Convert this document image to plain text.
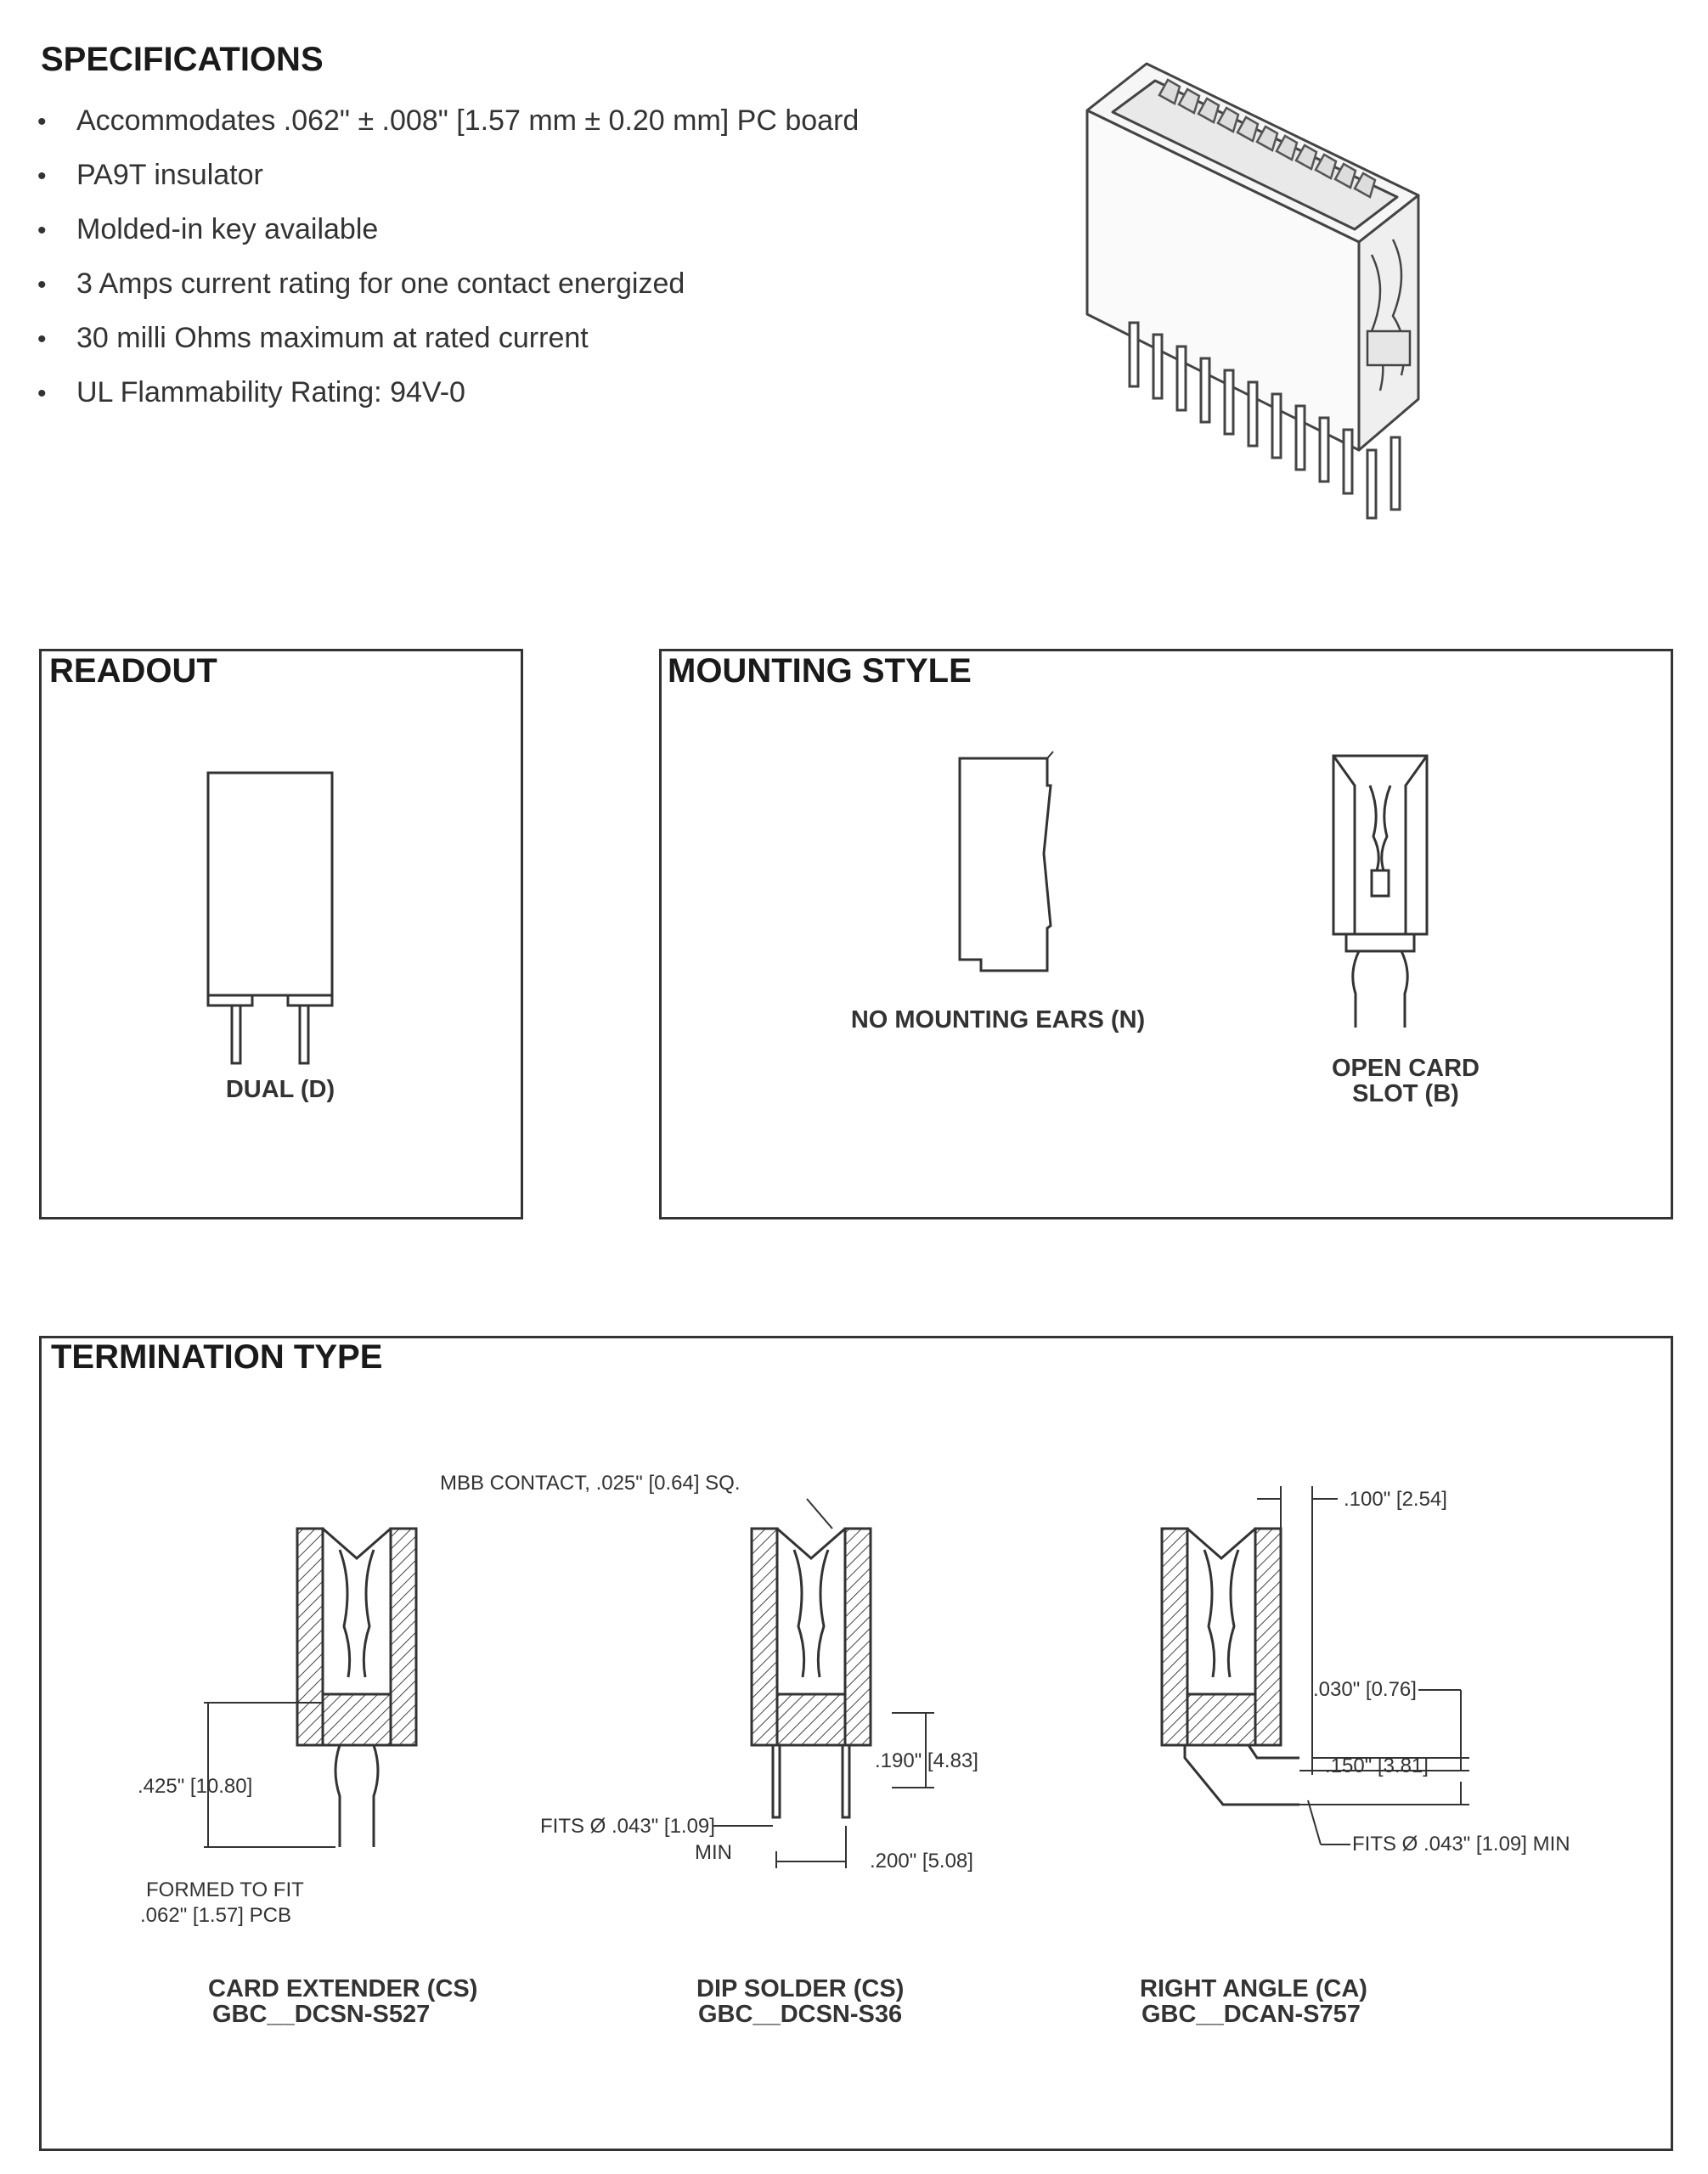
SPECIFICATIONS
• Accommodates .062" ± .008" [1.57 mm ± 0.20 mm] PC board
• PA9T insulator
• Molded-in key available
• 3 Amps current rating for one contact energized
• 30 milli Ohms maximum at rated current
• UL Flammability Rating: 94V-0
READOUT
DUAL (D)
MOUNTING STYLE
NO MOUNTING EARS (N)
OPEN CARD
SLOT (B)
TERMINATION TYPE
.425" [10.80]
FORMED TO FIT
.062" [1.57] PCB
CARD EXTENDER (CS)
GBC__DCSN-S527
MBB CONTACT, .025" [0.64] SQ.
.190" [4.83]
FITS Ø .043" [1.09]
MIN	.200" [5.08]
DIP SOLDER (CS)
GBC__DCSN-S36
.100" [2.54]
.030" [0.76]
.150" [3.81]
FITS Ø .043" [1.09] MIN
RIGHT ANGLE (CA)
GBC__DCAN-S757
